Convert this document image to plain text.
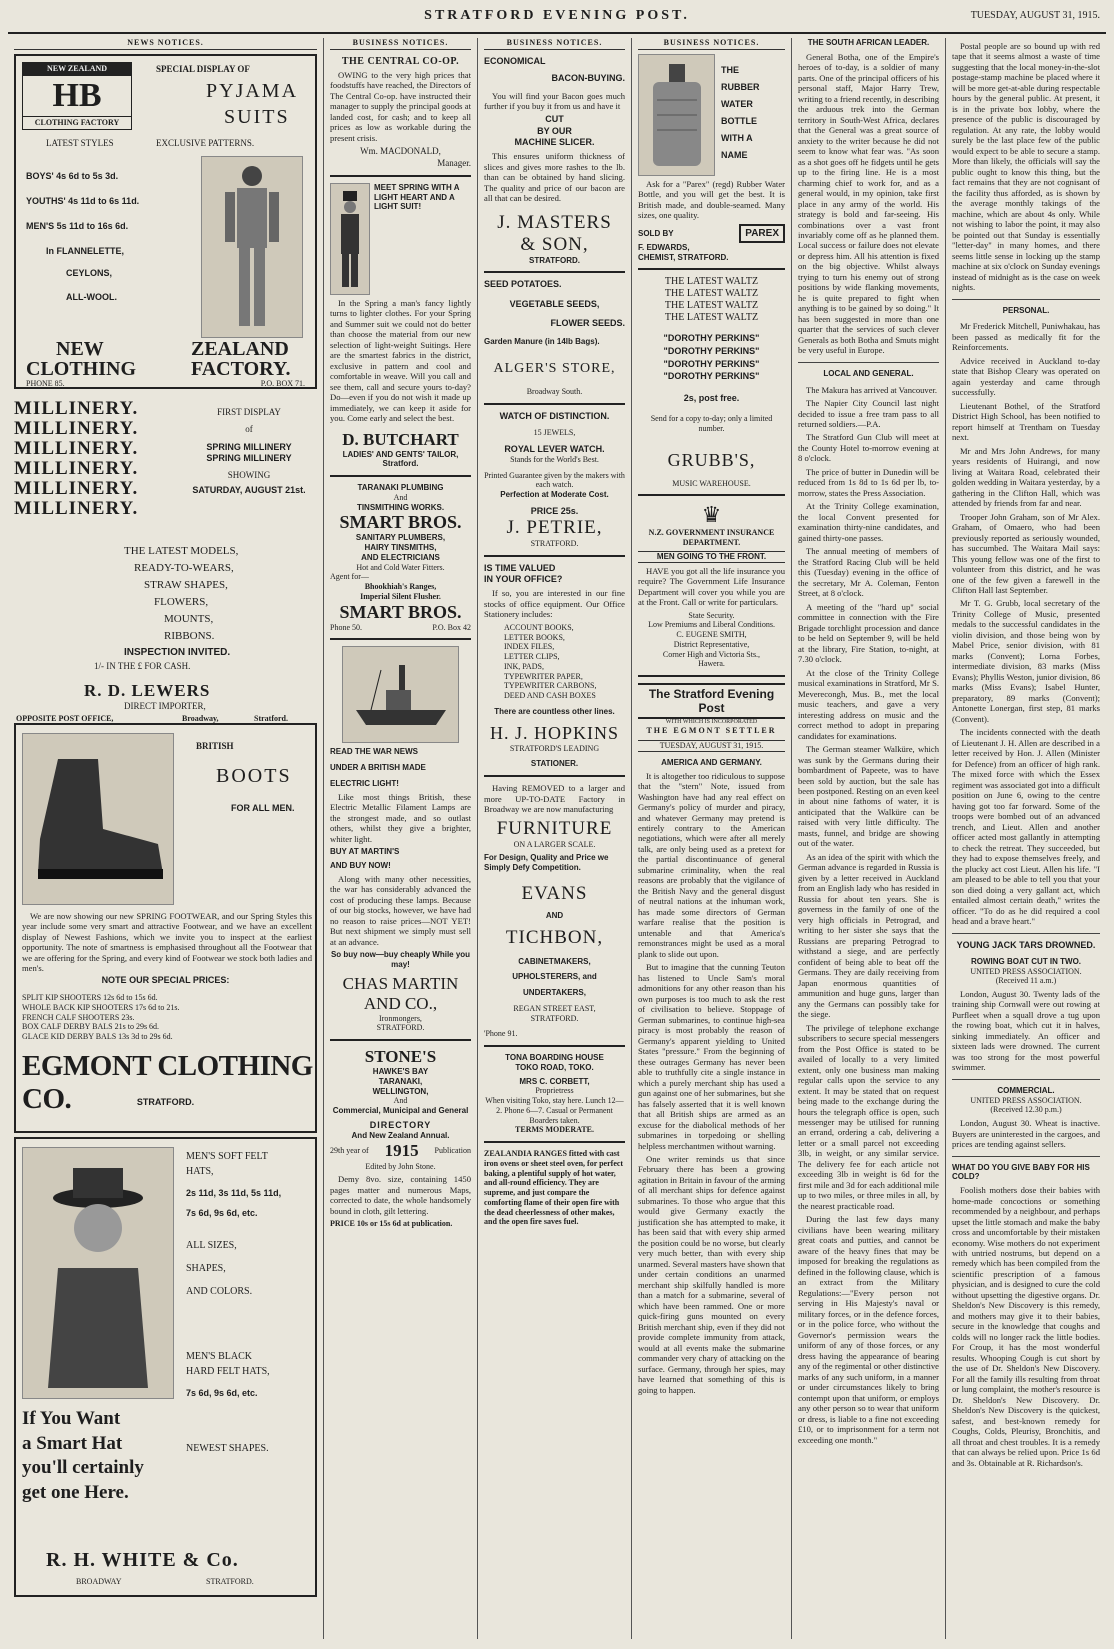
STRATFORD EVENING POST.	TUESDAY, AUGUST 31, 1915.
NEWS NOTICES.
NEW ZEALAND
HB
CLOTHING FACTORY
SPECIAL DISPLAY OF
PYJAMA
SUITS
LATEST STYLES	EXCLUSIVE PATTERNS.
BOYS' 4s 6d to 5s 3d.
YOUTHS' 4s 11d to 6s 11d.
MEN'S 5s 11d to 16s 6d.
In FLANNELETTE,
CEYLONS,
ALL-WOOL.
NEW	ZEALAND
CLOTHING	FACTORY.
PHONE 85.	P.O. BOX 71.
MILLINERY.
MILLINERY.
MILLINERY.
MILLINERY.
MILLINERY.
MILLINERY.
FIRST DISPLAY
of
SPRING MILLINERY
SPRING MILLINERY
SHOWING
SATURDAY, AUGUST 21st.
THE LATEST MODELS,
READY-TO-WEARS,
STRAW SHAPES,
FLOWERS,
MOUNTS,
RIBBONS.
INSPECTION INVITED.
1/- IN THE £ FOR CASH.
R. D. LEWERS
DIRECT IMPORTER,
OPPOSITE POST OFFICE,	Broadway,	Stratford.
BRITISH
BOOTS
FOR ALL MEN.
We are now showing our new SPRING FOOTWEAR, and our Spring Styles this year include some very smart and attractive Footwear, and we have an excellent display of Newest Fashions, which we invite you to inspect at the earliest opportunity. The note of smartness is emphasised throughout all the Footwear that we are offering for the Spring, and every kind of Footwear we stock both ladies and men's.
NOTE OUR SPECIAL PRICES:
SPLIT KIP SHOOTERS 12s 6d to 15s 6d.
WHOLE BACK KIP SHOOTERS 17s 6d to 21s.
FRENCH CALF SHOOTERS 23s.
BOX CALF DERBY BALS 21s to 29s 6d.
GLACE KID DERBY BALS 13s 3d to 29s 6d.
EGMONT CLOTHING CO.	STRATFORD.
MEN'S SOFT FELT HATS,
2s 11d, 3s 11d, 5s 11d,
7s 6d, 9s 6d, etc.
ALL SIZES,
SHAPES,
AND COLORS.
MEN'S BLACK HARD FELT HATS,
7s 6d, 9s 6d, etc.
NEWEST SHAPES.
If You Want
a Smart Hat
you'll certainly
get one Here.
R. H. WHITE & Co.
BROADWAY	STRATFORD.
BUSINESS NOTICES.
THE CENTRAL CO-OP.
OWING to the very high prices that foodstuffs have reached, the Directors of The Central Co-op. have instructed their manager to supply the principal goods at landed cost, for cash; and to keep all prices as low as workable during the present crisis.
Wm. MACDONALD,
Manager.
MEET SPRING WITH A LIGHT HEART AND A LIGHT SUIT!
In the Spring a man's fancy lightly turns to lighter clothes. For your Spring and Summer suit we could not do better than choose the material from our new selection of light-weight Suitings. Here are the smartest fabrics in the district, exclusive in pattern and cool and comfortable in weave. Will you call and see them, call and secure yours to-day? Do—even if you do not wish it made up immediately, we can keep it aside for you. Come early and select the best.
D. BUTCHART
LADIES' AND GENTS' TAILOR,
Stratford.
TARANAKI PLUMBING
And
TINSMITHING WORKS.
SMART BROS.
SANITARY PLUMBERS,
HAIRY TINSMITHS,
AND ELECTRICIANS
Hot and Cold Water Fitters.
Agent for—
Bhookhiah's Ranges,
Imperial Silent Flusher.
SMART BROS.
Phone 50.	P.O. Box 42
READ THE WAR NEWS
UNDER A BRITISH MADE
ELECTRIC LIGHT!
Like most things British, these Electric Metallic Filament Lamps are the strongest made, and so outlast others, whilst they give a brighter, whiter light.
BUY AT MARTIN'S
AND BUY NOW!
Along with many other necessities, the war has considerably advanced the cost of producing these lamps. Because of our big stocks, however, we have had no reason to raise prices—NOT YET! But next shipment we simply must sell at an advance.
So buy now—buy cheaply While you may!
CHAS MARTIN
AND CO.,
Ironmongers,
STRATFORD.
STONE'S
HAWKE'S BAY
TARANAKI,
WELLINGTON,
And
Commercial, Municipal and General
DIRECTORY
And New Zealand Annual.
29th year of 1915 Publication
Edited by John Stone.
Demy 8vo. size, containing 1450 pages matter and numerous Maps, corrected to date, the whole handsomely bound in cloth, gilt lettering.
PRICE 10s or 15s 6d at publication.
BUSINESS NOTICES.
ECONOMICAL
BACON-BUYING.
You will find your Bacon goes much further if you buy it from us and have it
CUT
BY OUR
MACHINE SLICER.
This ensures uniform thickness of slices and gives more rashes to the lb. than can be obtained by hand slicing. The quality and price of our bacon are all that can be desired.
J. MASTERS
& SON,
STRATFORD.
SEED POTATOES.
VEGETABLE SEEDS,
FLOWER SEEDS.
Garden Manure (in 14lb Bags).
ALGER'S STORE,
Broadway South.
WATCH OF DISTINCTION.
15 JEWELS,
ROYAL LEVER WATCH.
Stands for the World's Best.
Printed Guarantee given by the makers with each watch.
Perfection at Moderate Cost.
PRICE 25s.
J. PETRIE,
STRATFORD.
IS TIME VALUED
IN YOUR OFFICE?
If so, you are interested in our fine stocks of office equipment. Our Office Stationery includes:
ACCOUNT BOOKS,
LETTER BOOKS,
INDEX FILES,
LETTER CLIPS,
INK, PADS,
TYPEWRITER PAPER,
TYPEWRITER CARBONS,
DEED AND CASH BOXES
There are countless other lines.
H. J. HOPKINS
STRATFORD'S LEADING
STATIONER.
Having REMOVED to a larger and more UP-TO-DATE Factory in Broadway we are now manufacturing
FURNITURE
ON A LARGER SCALE.
For Design, Quality and Price we Simply Defy Competition.
EVANS
AND
TICHBON,
CABINETMAKERS,
UPHOLSTERERS, and
UNDERTAKERS,
REGAN STREET EAST,
STRATFORD.
'Phone 91.
TONA BOARDING HOUSE
TOKO ROAD, TOKO.
MRS C. CORBETT,
Proprietress
When visiting Toko, stay here. Lunch 12—2. Phone 6—7. Casual or Permanent Boarders taken.
TERMS MODERATE.
ZEALANDIA RANGES fitted with cast iron ovens or sheet steel oven, for perfect baking, a plentiful supply of hot water, and all-round efficiency. They are supreme, and just compare the comforting flame of their open fire with the dead cheerlessness of other makes, and the open fire saves fuel.
BUSINESS NOTICES.
THE
RUBBER
WATER
BOTTLE
WITH A
NAME
Ask for a "Parex" (regd) Rubber Water Bottle, and you will get the best. It is British made, and double-seamed. Many sizes, one quality.
SOLD BY	PAREX
F. EDWARDS,
CHEMIST, STRATFORD.
THE LATEST WALTZ
THE LATEST WALTZ
THE LATEST WALTZ
THE LATEST WALTZ
"DOROTHY PERKINS"
"DOROTHY PERKINS"
"DOROTHY PERKINS"
"DOROTHY PERKINS"
2s, post free.
Send for a copy to-day; only a limited number.
GRUBB'S,
MUSIC WAREHOUSE.
♛
N.Z. GOVERNMENT INSURANCE DEPARTMENT.
MEN GOING TO THE FRONT.
HAVE you got all the life insurance you require? The Government Life Insurance Department will cover you while you are at the Front. Call or write for particulars.
State Security.
Low Premiums and Liberal Conditions.
C. EUGENE SMITH,
District Representative,
Corner High and Victoria Sts.,
Hawera.
The Stratford Evening Post
WITH WHICH IS INCORPORATED
THE EGMONT SETTLER
TUESDAY, AUGUST 31, 1915.
AMERICA AND GERMANY.
It is altogether too ridiculous to suppose that the "stern" Note, issued from Washington have had any real effect on Germany's policy of murder and piracy, and whatever Germany may pretend is entirely contrary to the American negotiations, which were after all merely talk, are only being used as a pretext for the partial discontinuance of general submarine criminality, when the real reasons are probably that the vigilance of the British Navy and the general disgust of neutral nations at the inhuman work, has made some directors of German warfare realise that the position is untenable and that America's remonstrances might be used as a moral plank to slide out upon.
But to imagine that the cunning Teuton has listened to Uncle Sam's moral admonitions for any other reason than his own purposes is too much to ask the rest of civilisation to believe. Stoppage of German submarines, to continue high-sea piracy is most probably the reason of Germany's apparent yielding to United States "pressure." From the beginning of these outrages Germany has never been able to truthfully cite a single instance in which a purely merchant ship has used a gun against one of her submarines, but she has falsely asserted that it is well known that all British ships are armed as an excuse for the diabolical methods of her submarines in torpedoing or shelling helpless merchantmen without warning.
One writer reminds us that since February there has been a growing agitation in Britain in favour of the arming of all merchant ships for defence against submarines. To those who argue that this would give Germany exactly the justification she has attempted to make, it has been said that with every ship armed the position could be no worse, but clearly very much better, than with every ship unarmed. Several masters have shown that under certain conditions an unarmed merchant ship skilfully handled is more than a match for a submarine, several of which have been rammed. One or more quick-firing guns mounted on every British merchant ship, even if they did not provide complete immunity from attack, would at all events make the submarine commander very chary of attacking on the surface. Germany, through her spies, may have learned that something of this is going to happen.
THE SOUTH AFRICAN LEADER.
General Botha, one of the Empire's heroes of to-day, is a soldier of many parts. One of the principal officers of his personal staff, Major Harry Trew, writing to a friend recently, in describing the arduous trek into the German territory in South-West Africa, declares that the General was a great source of anxiety to the writer because he did not seem to know what fear was. "As soon as a shot goes off he fidgets until he gets up to the firing line. He is a most charming chief to work for, and as a general would, in my opinion, take first place in any army of the world. His strategy is bold and far-seeing. His combinations over a vast front invariably come off as he planned them. Local success or failure does not elevate or depress him. All his attention is fixed on the big objective. Whilst always trying to turn his enemy out of strong positions by wide flanking movements, he is quite prepared to fight when anything is to be gained by so doing." It has been suggested in more than one quarter that the services of such clever Generals as both Botha and Smuts might be very useful in Europe.
LOCAL AND GENERAL.
The Makura has arrived at Vancouver.
The Napier City Council last night decided to issue a free tram pass to all returned soldiers.—P.A.
The Stratford Gun Club will meet at the County Hotel to-morrow evening at 8 o'clock.
The price of butter in Dunedin will be reduced from 1s 8d to 1s 6d per lb, to-morrow, states the Press Association.
At the Trinity College examination, the local Convent presented for examination thirty-nine candidates, and gained thirty-one passes.
The annual meeting of members of the Stratford Racing Club will be held this (Tuesday) evening in the office of the secretary, Mr A. Coleman, Fenton Street, at 8 o'clock.
A meeting of the "hard up" social committee in connection with the Fire Brigade torchlight procession and dance to be held on September 9, will be held at the library, Fire Station, to-night, at 7.30 o'clock.
At the close of the Trinity College musical examinations in Stratford, Mr S. Meverecongh, Mus. B., met the local music teachers, and gave a very interesting address on music and the correct method to adopt in preparing candidates for examinations.
The German steamer Walküre, which was sunk by the Germans during their bombardment of Papeete, was to have been sold by auction, but the sale has been postponed. Resting on an even keel in about nine fathoms of water, it is anticipated that the Walküre can be raised with very little difficulty. The masts, funnel, and bridge are showing out of the water.
As an idea of the spirit with which the German advance is regarded in Russia is given by a letter received in Auckland from an English lady who has resided in Russia for about ten years. She is governess in the family of one of the very high officials in Petrograd, and writing to her sister she says that the Russians are preparing Petrograd to withstand a siege, and are perfectly confident of being able to beat off the Germans. They are daily receiving from Japan enormous quantities of ammunition and huge guns, larger than any the Germans can possibly take for the siege.
The privilege of telephone exchange subscribers to secure special messengers from the Post Office is stated to be availed of locally to a very limited extent, only one business man making regular calls upon the service to any extent. It may be stated that on request being made to the exchange during the hours the telegraph office is open, such messenger may be utilised for running an errand, ordering a cab, delivering a letter or a small parcel not exceeding 3lb, in weight, or any similar service. The delivery fee for each article not exceeding 3lb in weight is 6d for the first mile and 3d for each additional mile up to two miles, or three miles in all, by the nearest practicable road.
During the last few days many civilians have been wearing military great coats and putties, and cannot be aware of the heavy fines that may be imposed for breaking the regulations as defined in the following clause, which is an extract from the Military Regulations:—"Every person not serving in His Majesty's naval or military forces, or in the defence forces, or in the police force, who without the Governor's permission wears the uniform of any of those forces, or any dress having the appearance of bearing any of the regimental or other distinctive marks of any such uniform, in a manner or under circumstances likely to bring contempt upon that uniform, or employs any other person so to wear that uniform or dress, is liable to a fine not exceeding £10, or to imprisonment for a term not exceeding one month."
Postal people are so bound up with red tape that it seems almost a waste of time suggesting that the local money-in-the-slot postage-stamp machine be placed where it will be more get-at-able during respectable hours by the general public. At present, it is in the private box lobby, where the presence of the public is discouraged by regulation. At any rate, the lobby would surely be the last place few of the public would expect to be able to secure a stamp. More than likely, the officials will say the public ought to know this thing, but the fact remains that they are not cognisant of the facility thus afforded, as is shown by the average monthly takings of the machine, which are about 4s only. While not wishing to labor the point, it may also be pointed out that Sunday is essentially "letter-day" in many homes, and there seems little sense in locking up the stamp machine at six o'clock on Sunday evenings instead of midnight as is the case on week nights.
PERSONAL.
Mr Frederick Mitchell, Puniwhakau, has been passed as medically fit for the Reinforcements.
Advice received in Auckland to-day state that Bishop Cleary was operated on again yesterday and came through successfully.
Lieutenant Bothel, of the Stratford District High School, has been notified to report himself at Trentham on Tuesday next.
Mr and Mrs John Andrews, for many years residents of Huirangi, and now living at Waitara Road, celebrated their golden wedding in Waitara yesterday, by a gathering in the Clifton Hall, which was attended by friends from far and near.
Trooper John Graham, son of Mr Alex. Graham, of Omaero, who had been previously reported as seriously wounded, has succumbed. The Waitara Mail says: This young fellow was one of the first to volunteer from this district, and he was one of the few given a farewell in the Clifton Hall last September.
Mr T. G. Grubb, local secretary of the Trinity College of Music, presented medals to the successful candidates in the violin division, and those being won by Mabel Price, senior division, with 81 marks (Convent); Lorna Forbes, intermediate division, 83 marks (Miss Evans); Phyllis Weston, junior division, 86 marks (Miss Evans); Isabel Hunter, preparatory, 89 marks (Convent); Antonette Lonergan, first step, 81 marks (Convent).
The incidents connected with the death of Lieutenant J. H. Allen are described in a letter received by Hon. J. Allen (Minister for Defence) from an officer of high rank. The mixed force with which the Essex regiment was associated got into a difficult position on June 6, owing to the centre having got too far forward. Some of the troops were bombed out of an advanced trench, and Lieut. Allen and another officer acted most gallantly in attempting to check the retreat. They succeeded, but they had to expose themselves freely, and the plucky act cost Lieut. Allen his life. "I am pleased to be able to tell you that your son died doing a very gallant act, which entailed almost certain death," writes the officer. "To do as he did required a cool head and a brave heart."
YOUNG JACK TARS DROWNED.
ROWING BOAT CUT IN TWO.
UNITED PRESS ASSOCIATION.
(Received 11 a.m.)
London, August 30. Twenty lads of the training ship Cornwall were out rowing at Purfleet when a squall drove a tug upon the rowing boat, which cut it in halves, sinking immediately. An officer and sixteen lads were drowned. The current was too strong for the most powerful swimmer.
COMMERCIAL.
UNITED PRESS ASSOCIATION.
(Received 12.30 p.m.)
London, August 30. Wheat is inactive. Buyers are uninterested in the cargoes, and prices are tending against sellers.
WHAT DO YOU GIVE BABY FOR HIS COLD?
Foolish mothers dose their babies with home-made concoctions or something recommended by a neighbour, and perhaps upset the little stomach and make the baby cross and uncomfortable by their mistaken economy. Wise mothers do not experiment with untried nostrums, but depend on a remedy which has been compiled from the scientific prescription of a famous physician, and is designed to cure the cold without upsetting the digestive organs. Dr. Sheldon's New Discovery is this remedy, and mothers may give it to their babies, secure in the knowledge that coughs and colds will no longer rack the little bodies. For Croup, it has the most wonderful results. Whooping Cough is cut short by the use of Dr. Sheldon's New Discovery. For all the family ills resulting from throat or lung complaint, the mother's resource is Dr. Sheldon's New Discovery. Dr. Sheldon's New Discovery is the quickest, safest, and best-known remedy for Coughs, Colds, Pleurisy, Bronchitis, and all throat and chest troubles. It is a remedy that can always be relied upon. Price 1s 6d and 3s. Obtainable at R. Richardson's.
